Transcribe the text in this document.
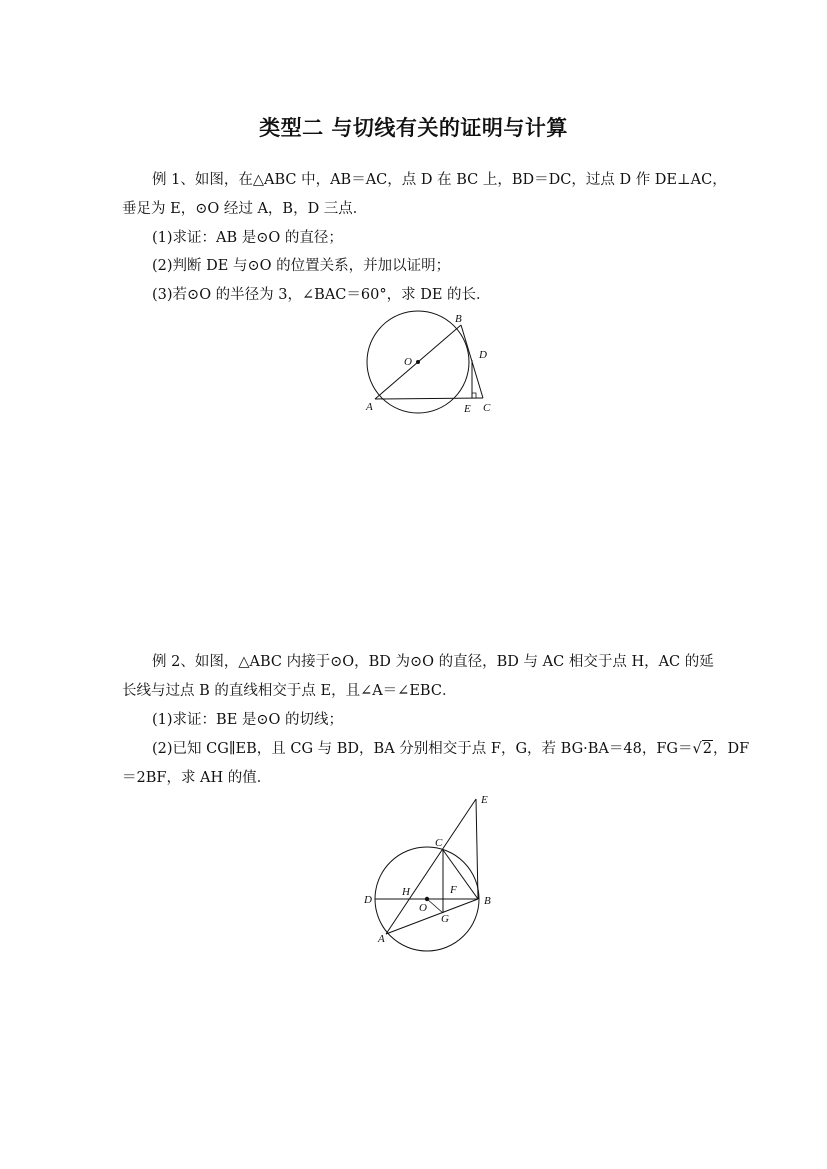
类型二 与切线有关的证明与计算
例 1、如图，在△ABC 中，AB＝AC，点 D 在 BC 上，BD＝DC，过点 D 作 DE⊥AC，
垂足为 E，⊙O 经过 A，B，D 三点．
(1)求证：AB 是⊙O 的直径；
(2)判断 DE 与⊙O 的位置关系，并加以证明；
(3)若⊙O 的半径为 3，∠BAC＝60°，求 DE 的长．
O
B
D
A	E C
例 2、如图，△ABC 内接于⊙O，BD 为⊙O 的直径，BD 与 AC 相交于点 H，AC 的延
长线与过点 B 的直线相交于点 E，且∠A＝∠EBC．
(1)求证：BE 是⊙O 的切线；
(2)已知 CG∥EB，且 CG 与 BD，BA 分别相交于点 F，G，若 BG·BA＝48，FG＝√2，DF
＝2BF，求 AH 的值．
E
C
H	F
D
O
B
G
A
